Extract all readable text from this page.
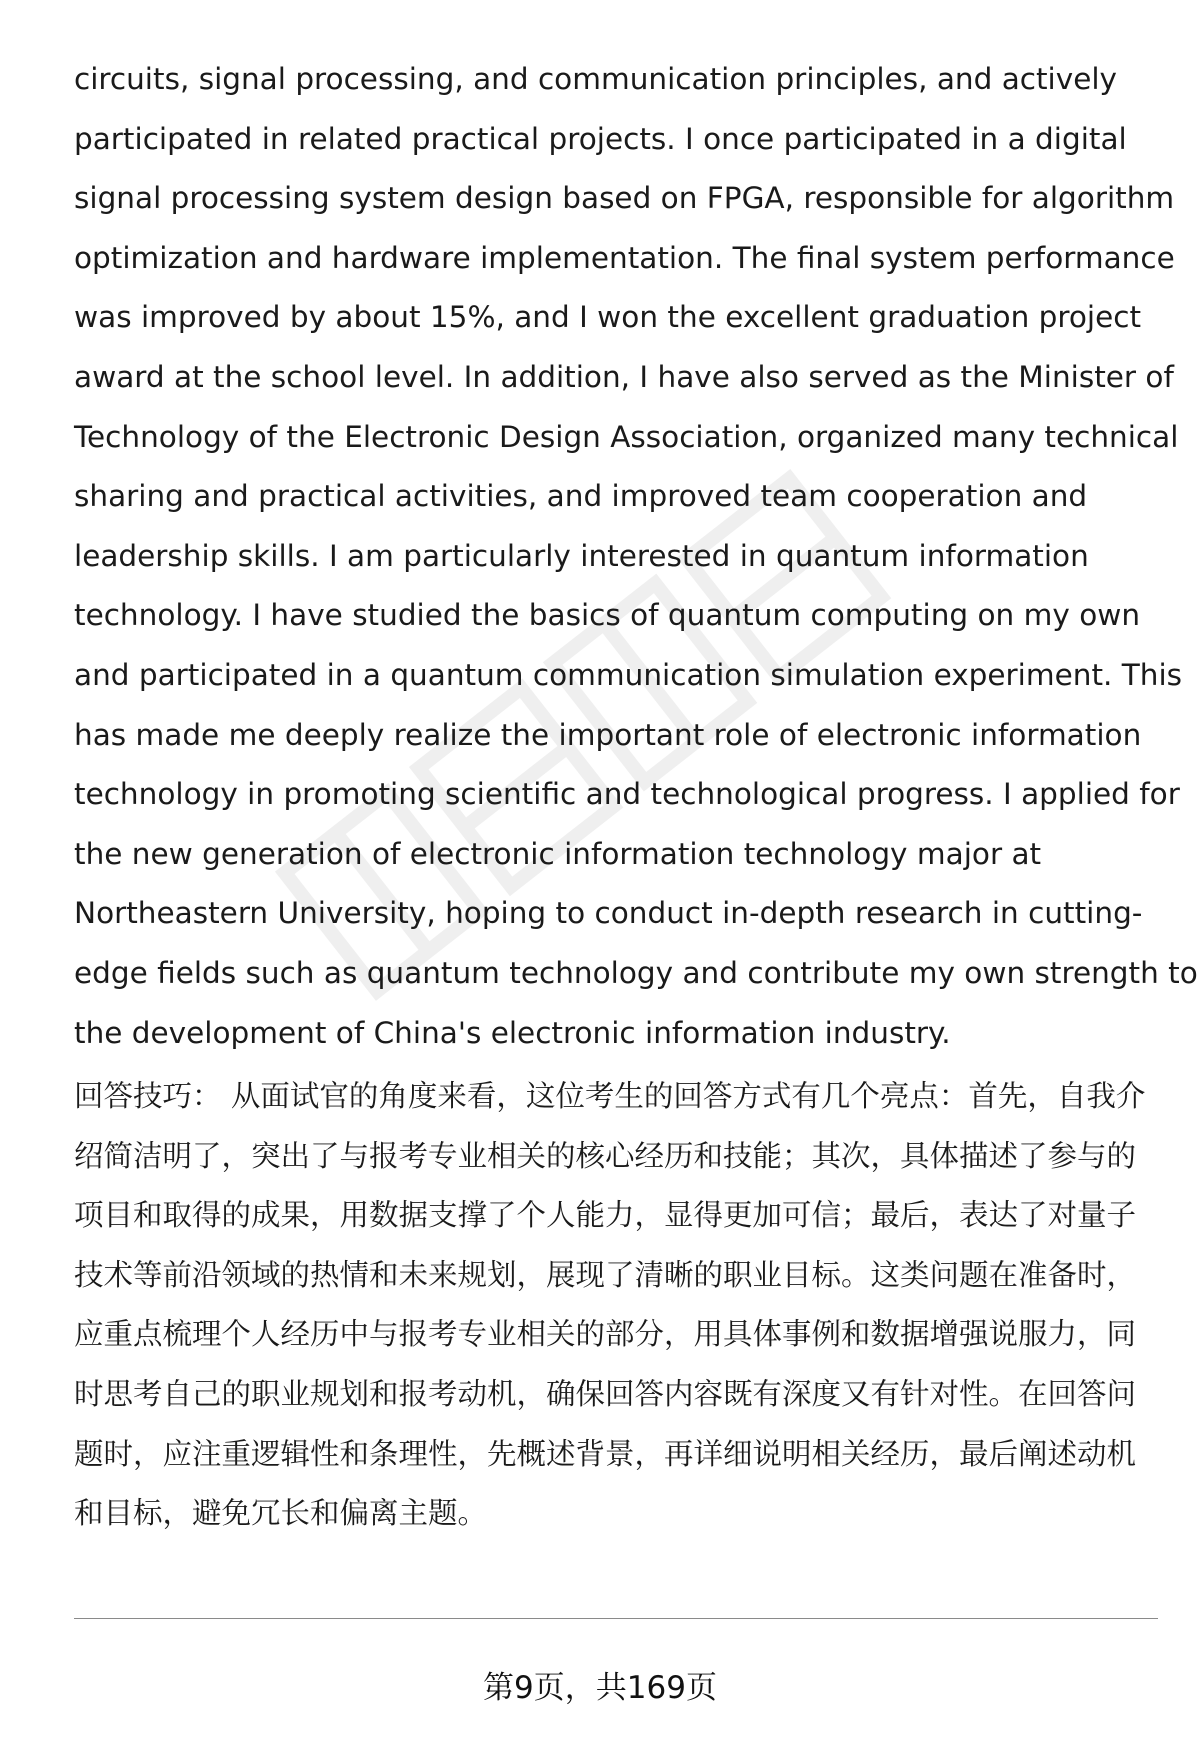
circuits, signal processing, and communication principles, and actively
participated in related practical projects. I once participated in a digital
signal processing system design based on FPGA, responsible for algorithm
optimization and hardware implementation. The final system performance
was improved by about 15%, and I won the excellent graduation project
award at the school level. In addition, I have also served as the Minister of
Technology of the Electronic Design Association, organized many technical
sharing and practical activities, and improved team cooperation and
leadership skills. I am particularly interested in quantum information
technology. I have studied the basics of quantum computing on my own
and participated in a quantum communication simulation experiment. This
has made me deeply realize the important role of electronic information
technology in promoting scientific and technological progress. I applied for
the new generation of electronic information technology major at
Northeastern University, hoping to conduct in-depth research in cutting-
edge fields such as quantum technology and contribute my own strength to
the development of China's electronic information industry.
回答技巧： 从面试官的角度来看，这位考生的回答方式有几个亮点：首先，自我介
绍简洁明了，突出了与报考专业相关的核心经历和技能；其次，具体描述了参与的
项目和取得的成果，用数据支撑了个人能力，显得更加可信；最后，表达了对量子
技术等前沿领域的热情和未来规划，展现了清晰的职业目标。这类问题在准备时，
应重点梳理个人经历中与报考专业相关的部分，用具体事例和数据增强说服力，同
时思考自己的职业规划和报考动机，确保回答内容既有深度又有针对性。在回答问
题时，应注重逻辑性和条理性，先概述背景，再详细说明相关经历，最后阐述动机
和目标，避免冗长和偏离主题。
第9页，共169页
